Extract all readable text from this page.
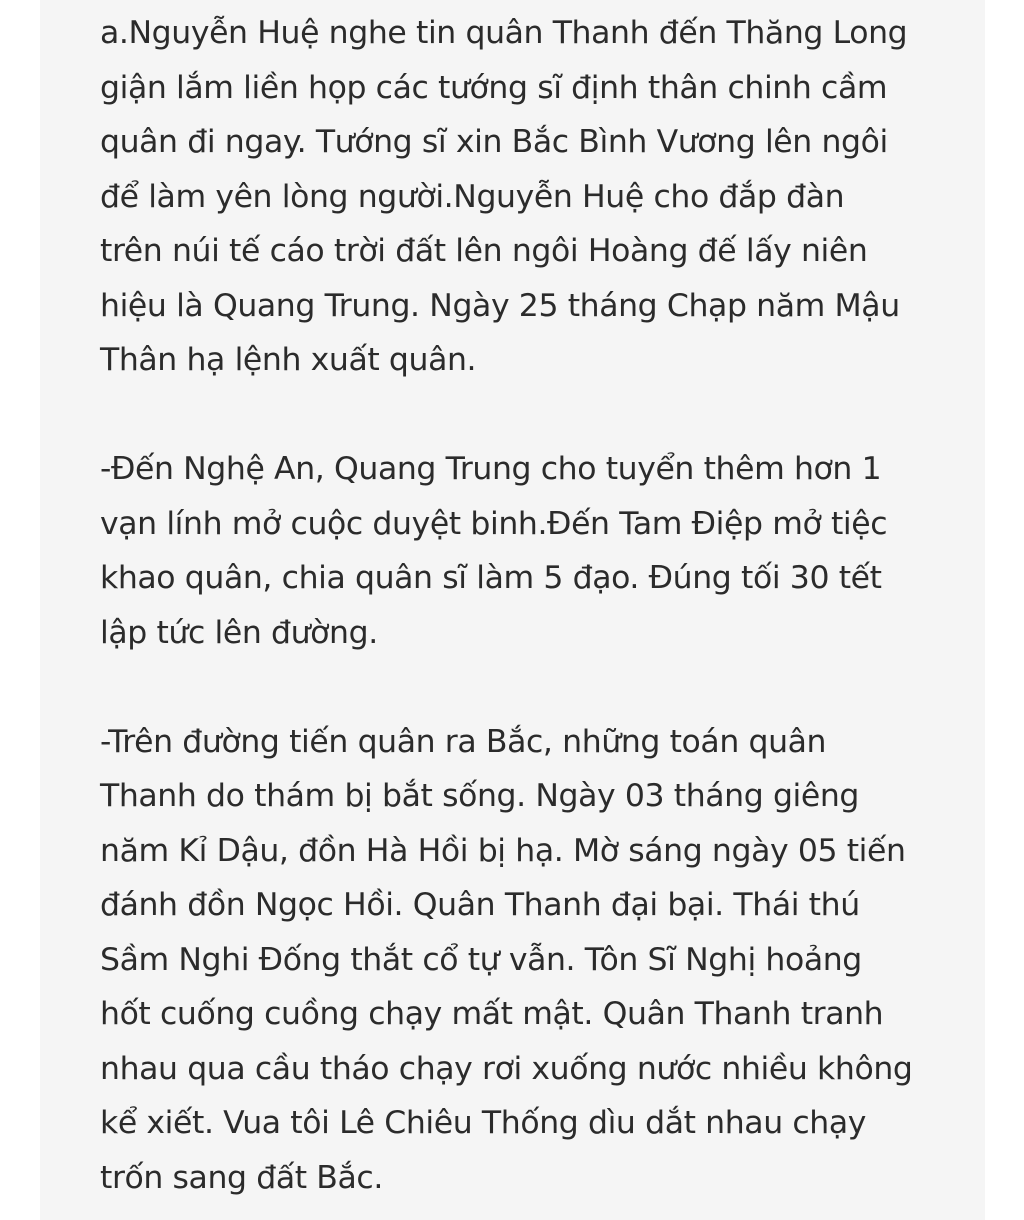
a.Nguyễn Huệ nghe tin quân Thanh đến Thăng Long
giận lắm liền họp các tướng sĩ định thân chinh cầm
quân đi ngay. Tướng sĩ xin Bắc Bình Vương lên ngôi
để làm yên lòng người.Nguyễn Huệ cho đắp đàn
trên núi tế cáo trời đất lên ngôi Hoàng đế lấy niên
hiệu là Quang Trung. Ngày 25 tháng Chạp năm Mậu
Thân hạ lệnh xuất quân.

-Đến Nghệ An, Quang Trung cho tuyển thêm hơn 1
vạn lính mở cuộc duyệt binh.Đến Tam Điệp mở tiệc
khao quân, chia quân sĩ làm 5 đạo. Đúng tối 30 tết
lập tức lên đường.

-Trên đường tiến quân ra Bắc, những toán quân
Thanh do thám bị bắt sống. Ngày 03 tháng giêng
năm Kỉ Dậu, đồn Hà Hồi bị hạ. Mờ sáng ngày 05 tiến
đánh đồn Ngọc Hồi. Quân Thanh đại bại. Thái thú
Sầm Nghi Đống thắt cổ tự vẫn. Tôn Sĩ Nghị hoảng
hốt cuống cuồng chạy mất mật. Quân Thanh tranh
nhau qua cầu tháo chạy rơi xuống nước nhiều không
kể xiết. Vua tôi Lê Chiêu Thống dìu dắt nhau chạy
trốn sang đất Bắc.
